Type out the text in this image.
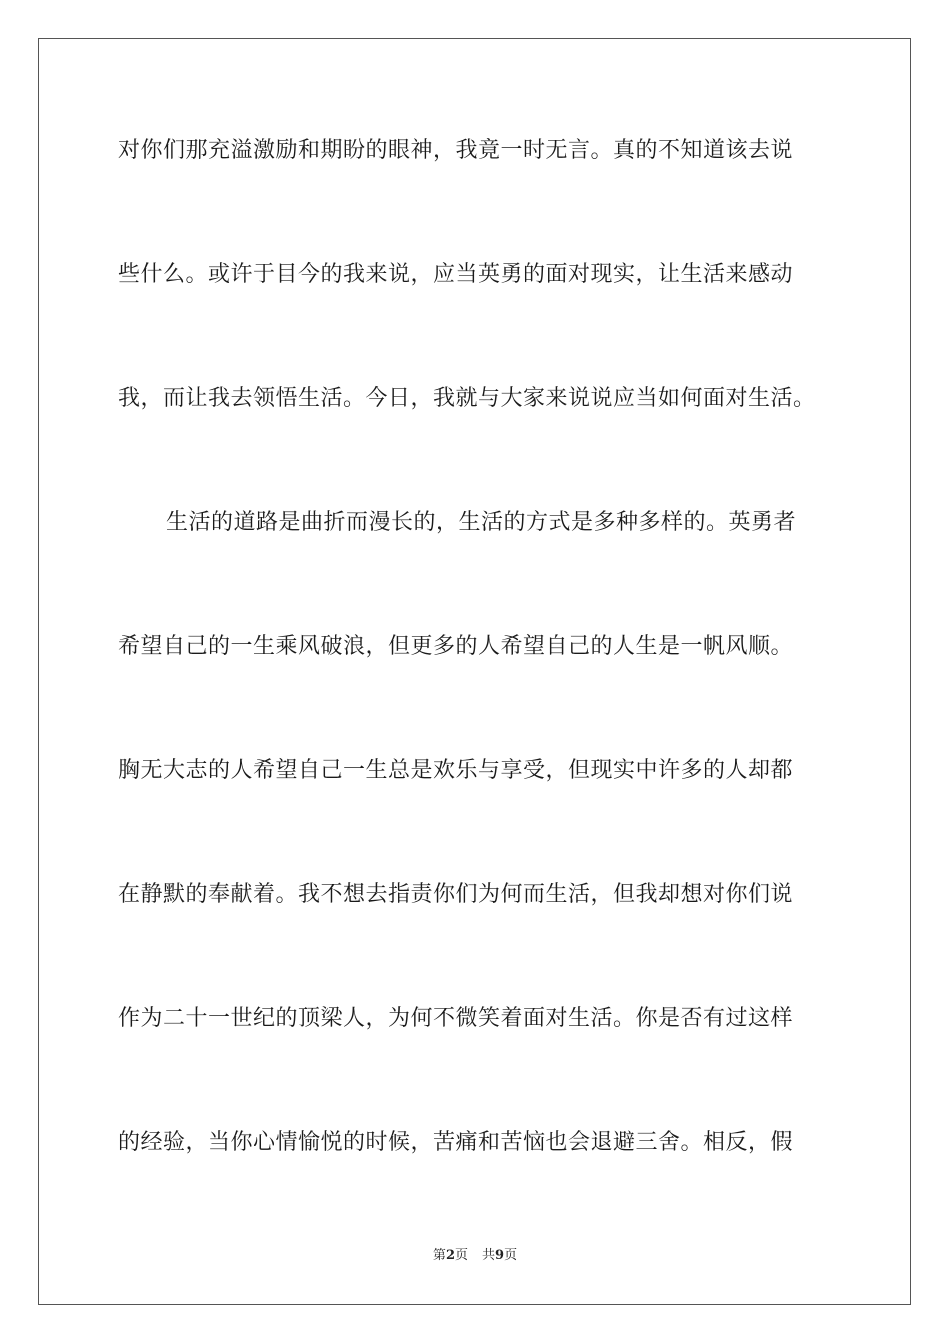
对你们那充溢激励和期盼的眼神，我竟一时无言。真的不知道该去说
些什么。或许于目今的我来说，应当英勇的面对现实，让生活来感动
我，而让我去领悟生活。今日，我就与大家来说说应当如何面对生活。
生活的道路是曲折而漫长的，生活的方式是多种多样的。英勇者
希望自己的一生乘风破浪，但更多的人希望自己的人生是一帆风顺。
胸无大志的人希望自己一生总是欢乐与享受，但现实中许多的人却都
在静默的奉献着。我不想去指责你们为何而生活，但我却想对你们说
作为二十一世纪的顶梁人，为何不微笑着面对生活。你是否有过这样
的经验，当你心情愉悦的时候，苦痛和苦恼也会退避三舍。相反，假
第2页 共9页
